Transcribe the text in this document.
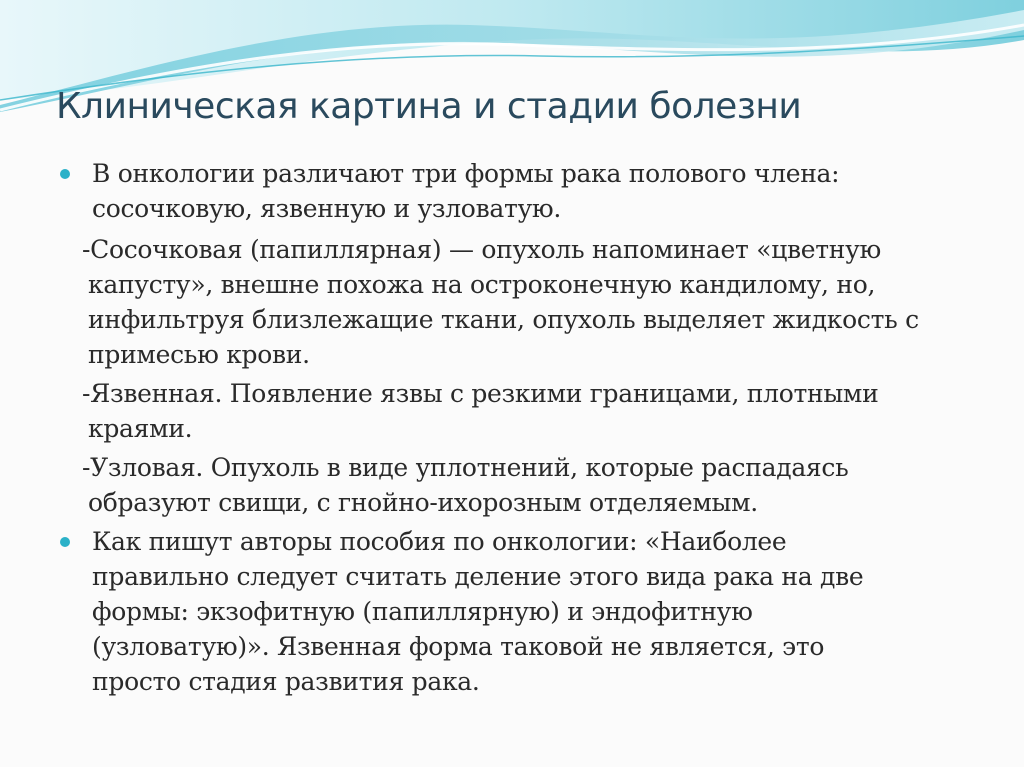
Клиническая картина и стадии болезни

В онкологии различают три формы рака полового члена: сосочковую, язвенную и узловатую.

-Сосочковая (папиллярная) — опухоль напоминает «цветную капусту», внешне похожа на остроконечную кандилому, но, инфильтруя близлежащие ткани, опухоль выделяет жидкость с примесью крови.

-Язвенная. Появление язвы с резкими границами, плотными краями.

-Узловая. Опухоль в виде уплотнений, которые распадаясь образуют свищи, с гнойно-ихорозным отделяемым.

Как пишут авторы пособия по онкологии: «Наиболее правильно следует считать деление этого вида рака на две формы: экзофитную (папиллярную) и эндофитную (узловатую)». Язвенная форма таковой не является, это просто стадия развития рака.
